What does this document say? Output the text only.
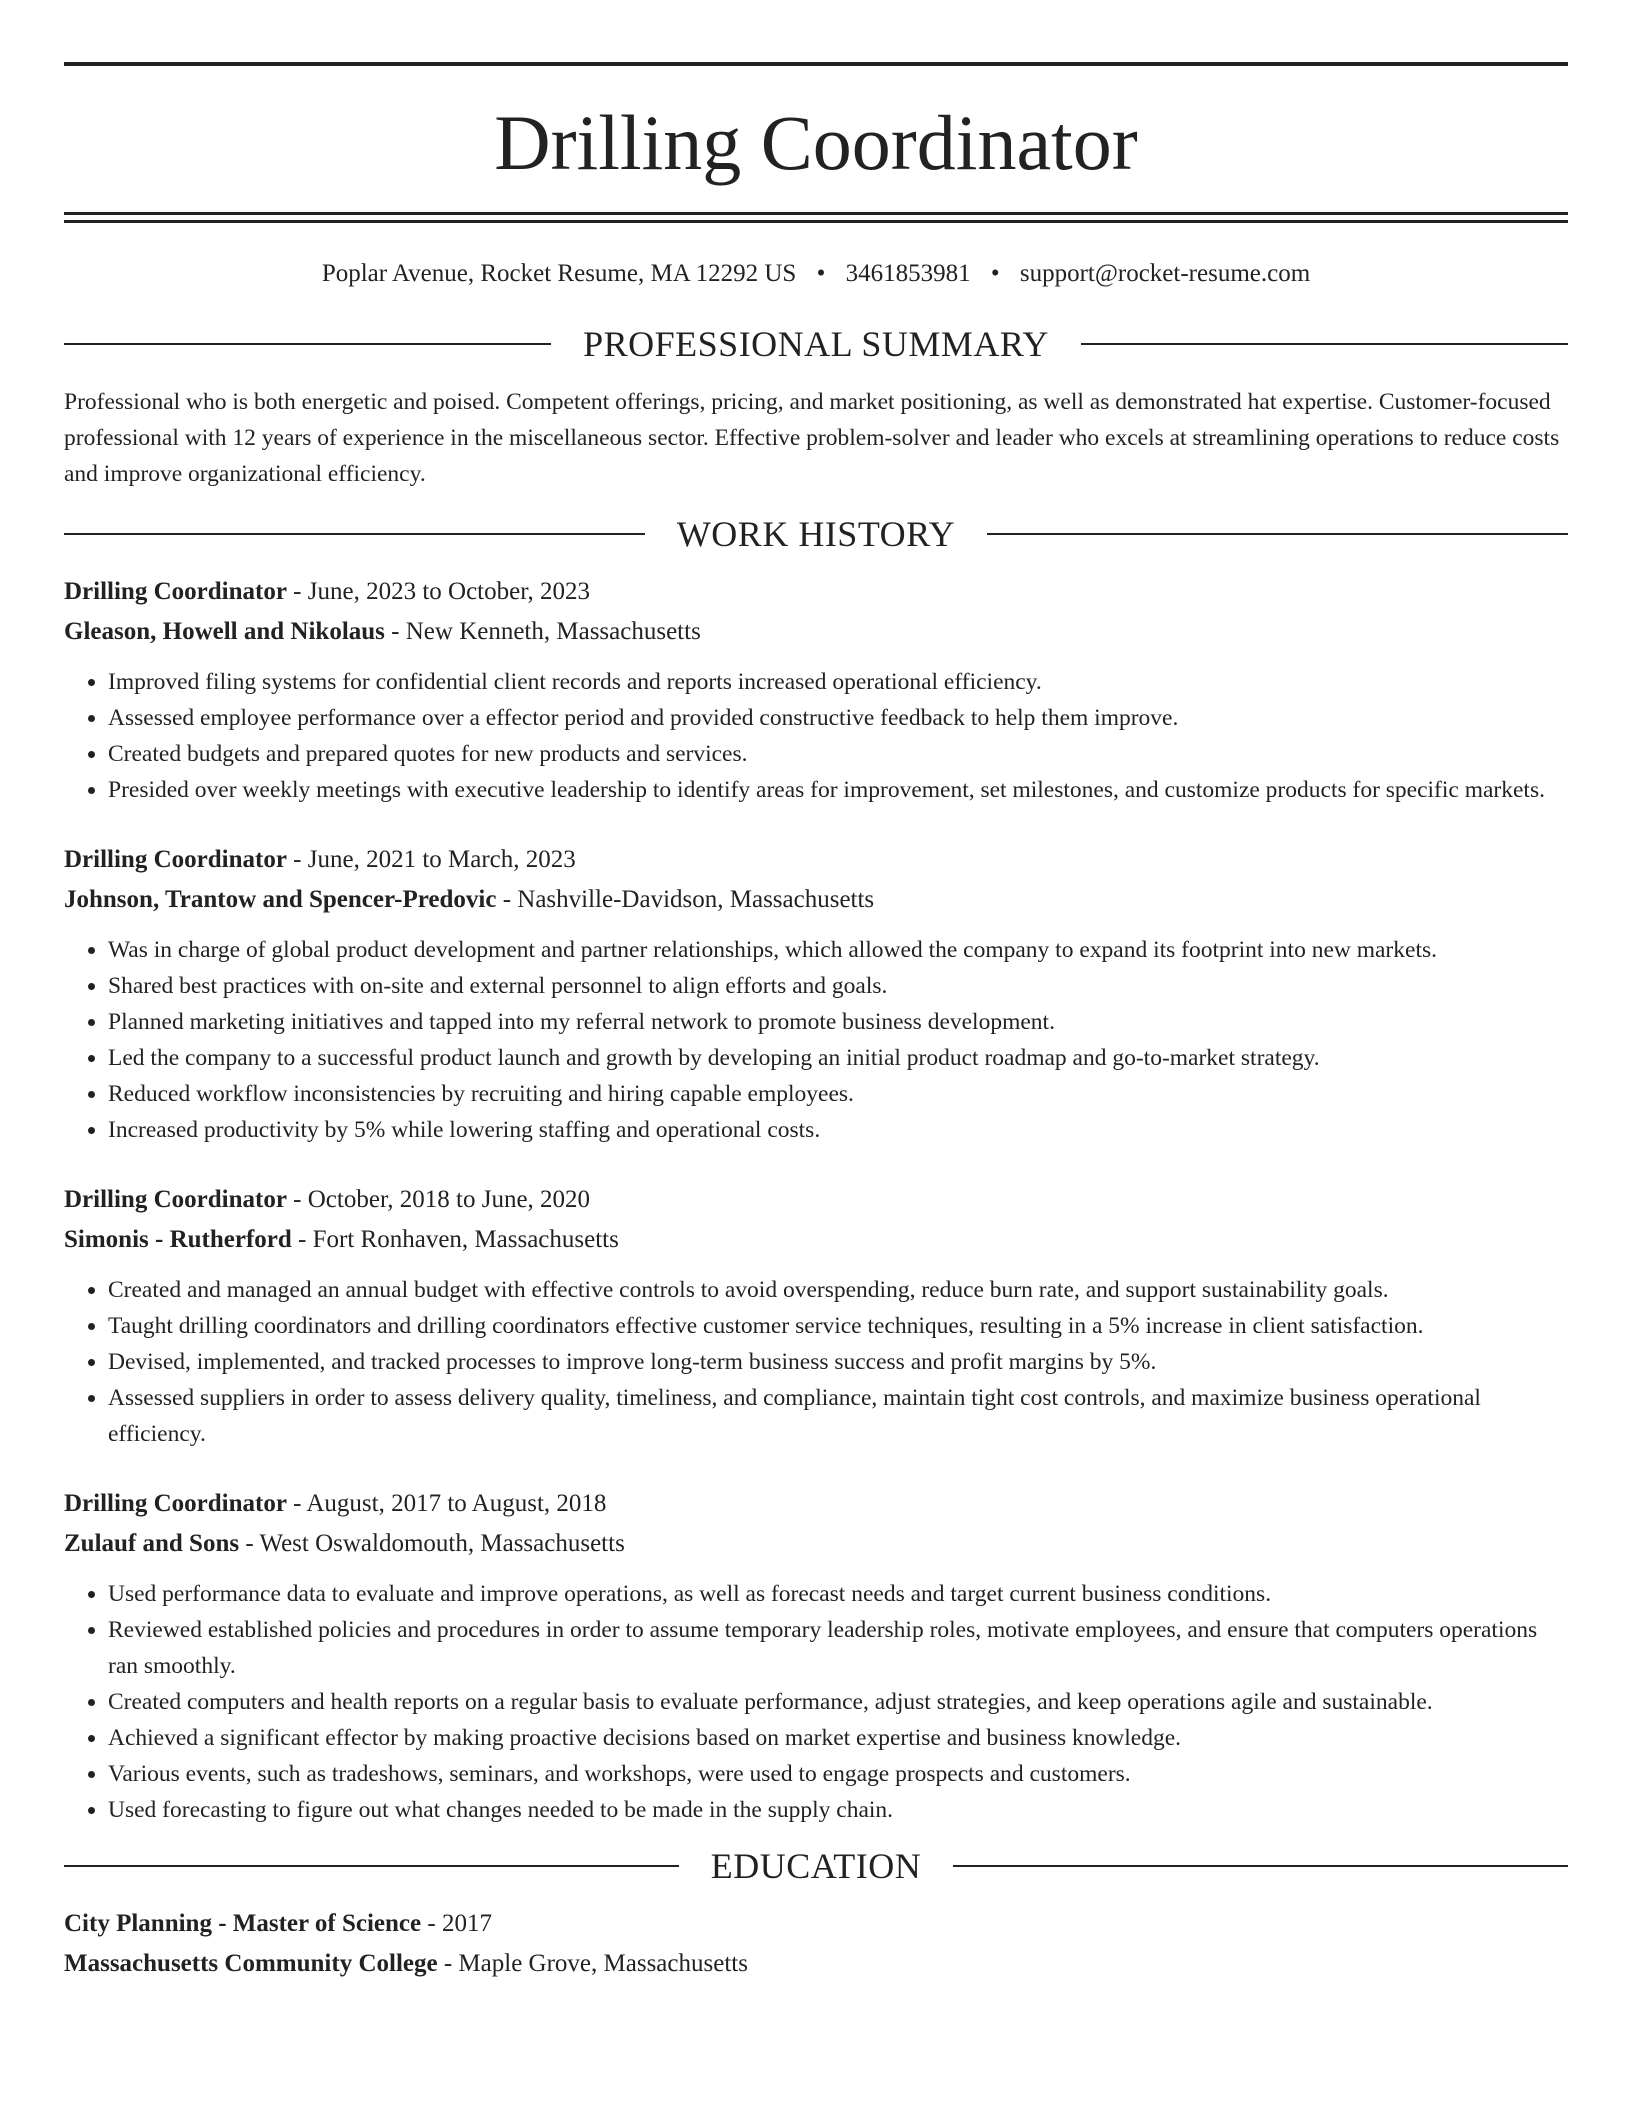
Drilling Coordinator
Poplar Avenue, Rocket Resume, MA 12292 US • 3461853981 • support@rocket-resume.com
PROFESSIONAL SUMMARY
Professional who is both energetic and poised. Competent offerings, pricing, and market positioning, as well as demonstrated hat expertise. Customer-focused professional with 12 years of experience in the miscellaneous sector. Effective problem-solver and leader who excels at streamlining operations to reduce costs and improve organizational efficiency.
WORK HISTORY
Drilling Coordinator - June, 2023 to October, 2023
Gleason, Howell and Nikolaus - New Kenneth, Massachusetts
• Improved filing systems for confidential client records and reports increased operational efficiency.
• Assessed employee performance over a effector period and provided constructive feedback to help them improve.
• Created budgets and prepared quotes for new products and services.
• Presided over weekly meetings with executive leadership to identify areas for improvement, set milestones, and customize products for specific markets.
Drilling Coordinator - June, 2021 to March, 2023
Johnson, Trantow and Spencer-Predovic - Nashville-Davidson, Massachusetts
• Was in charge of global product development and partner relationships, which allowed the company to expand its footprint into new markets.
• Shared best practices with on-site and external personnel to align efforts and goals.
• Planned marketing initiatives and tapped into my referral network to promote business development.
• Led the company to a successful product launch and growth by developing an initial product roadmap and go-to-market strategy.
• Reduced workflow inconsistencies by recruiting and hiring capable employees.
• Increased productivity by 5% while lowering staffing and operational costs.
Drilling Coordinator - October, 2018 to June, 2020
Simonis - Rutherford - Fort Ronhaven, Massachusetts
• Created and managed an annual budget with effective controls to avoid overspending, reduce burn rate, and support sustainability goals.
• Taught drilling coordinators and drilling coordinators effective customer service techniques, resulting in a 5% increase in client satisfaction.
• Devised, implemented, and tracked processes to improve long-term business success and profit margins by 5%.
• Assessed suppliers in order to assess delivery quality, timeliness, and compliance, maintain tight cost controls, and maximize business operational efficiency.
Drilling Coordinator - August, 2017 to August, 2018
Zulauf and Sons - West Oswaldomouth, Massachusetts
• Used performance data to evaluate and improve operations, as well as forecast needs and target current business conditions.
• Reviewed established policies and procedures in order to assume temporary leadership roles, motivate employees, and ensure that computers operations ran smoothly.
• Created computers and health reports on a regular basis to evaluate performance, adjust strategies, and keep operations agile and sustainable.
• Achieved a significant effector by making proactive decisions based on market expertise and business knowledge.
• Various events, such as tradeshows, seminars, and workshops, were used to engage prospects and customers.
• Used forecasting to figure out what changes needed to be made in the supply chain.
EDUCATION
City Planning - Master of Science - 2017
Massachusetts Community College - Maple Grove, Massachusetts
